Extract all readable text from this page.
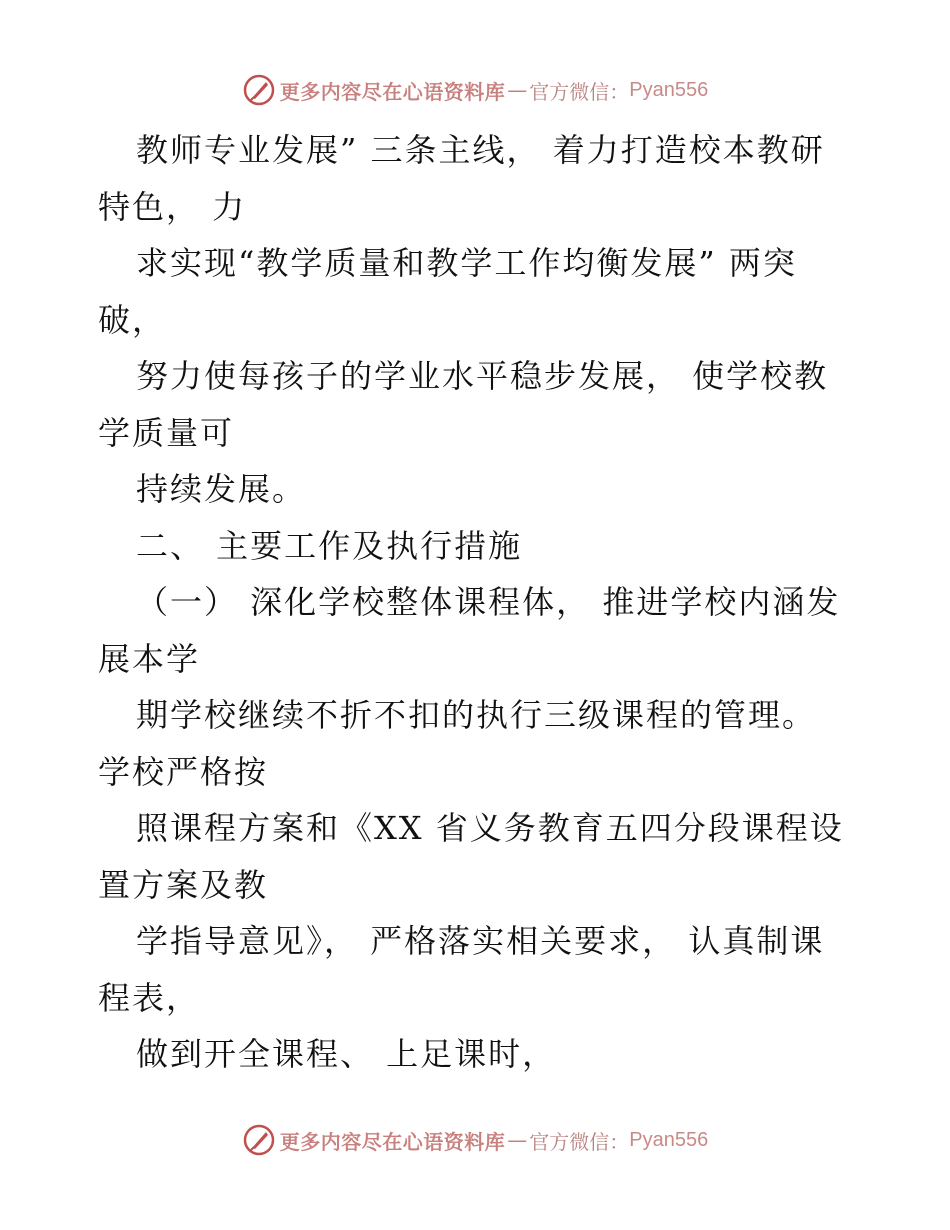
更多内容尽在心语资料库 — 官方微信： Pyan556
教师专业发展” 三条主线， 着力打造校本教研
特色， 力
求实现“教学质量和教学工作均衡发展” 两突
破，
努力使每孩子的学业水平稳步发展， 使学校教
学质量可
持续发展。
二、 主要工作及执行措施
（一） 深化学校整体课程体， 推进学校内涵发
展本学
期学校继续不折不扣的执行三级课程的管理。
学校严格按
照课程方案和《XX 省义务教育五四分段课程设
置方案及教
学指导意见》， 严格落实相关要求， 认真制课
程表，
做到开全课程、 上足课时，
更多内容尽在心语资料库 — 官方微信： Pyan556
